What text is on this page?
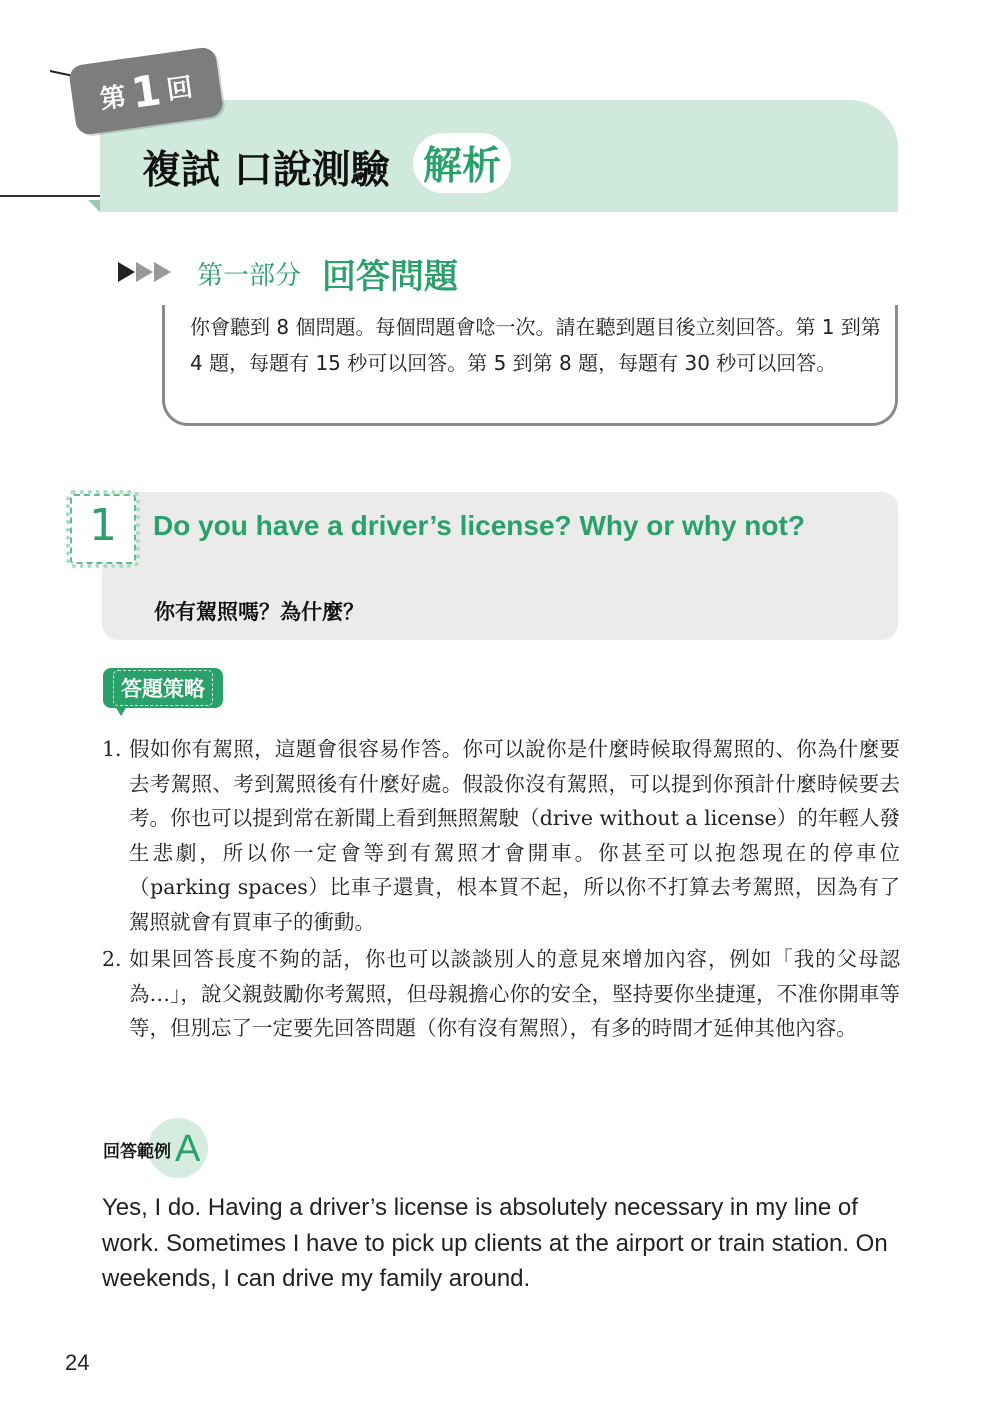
第 1 回
複試 口說測驗 解析
第一部分 回答問題
你會聽到 8 個問題。每個問題會唸一次。請在聽到題目後立刻回答。第 1 到第 4 題，每題有 15 秒可以回答。第 5 到第 8 題，每題有 30 秒可以回答。
1	Do you have a driver’s license? Why or why not?
你有駕照嗎？為什麼？
答題策略
1. 假如你有駕照，這題會很容易作答。你可以說你是什麼時候取得駕照的、你為什麼要去考駕照、考到駕照後有什麼好處。假設你沒有駕照，可以提到你預計什麼時候要去考。你也可以提到常在新聞上看到無照駕駛（drive without a license）的年輕人發生悲劇，所以你一定會等到有駕照才會開車。你甚至可以抱怨現在的停車位（parking spaces）比車子還貴，根本買不起，所以你不打算去考駕照，因為有了駕照就會有買車子的衝動。
2. 如果回答長度不夠的話，你也可以談談別人的意見來增加內容，例如「我的父母認為…」，說父親鼓勵你考駕照，但母親擔心你的安全，堅持要你坐捷運，不准你開車等等，但別忘了一定要先回答問題（你有沒有駕照），有多的時間才延伸其他內容。
回答範例 A
Yes, I do. Having a driver’s license is absolutely necessary in my line of work. Sometimes I have to pick up clients at the airport or train station. On weekends, I can drive my family around.
24
